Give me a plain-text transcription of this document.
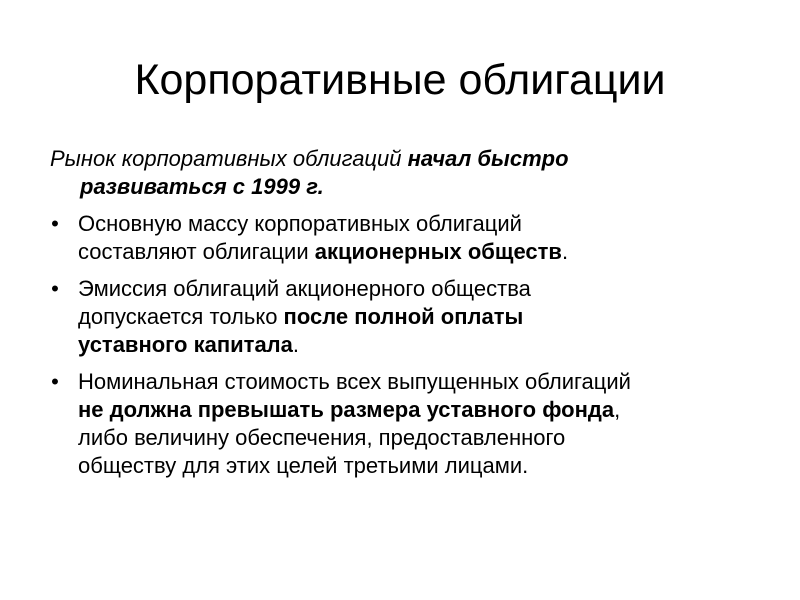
Корпоративные облигации
Рынок корпоративных облигаций начал быстро
развиваться с 1999 г.
• Основную массу корпоративных облигаций
составляют облигации акционерных обществ.
• Эмиссия облигаций акционерного общества
допускается только после полной оплаты
уставного капитала.
• Номинальная стоимость всех выпущенных облигаций
не должна превышать размера уставного фонда,
либо величину обеспечения, предоставленного
обществу для этих целей третьими лицами.
